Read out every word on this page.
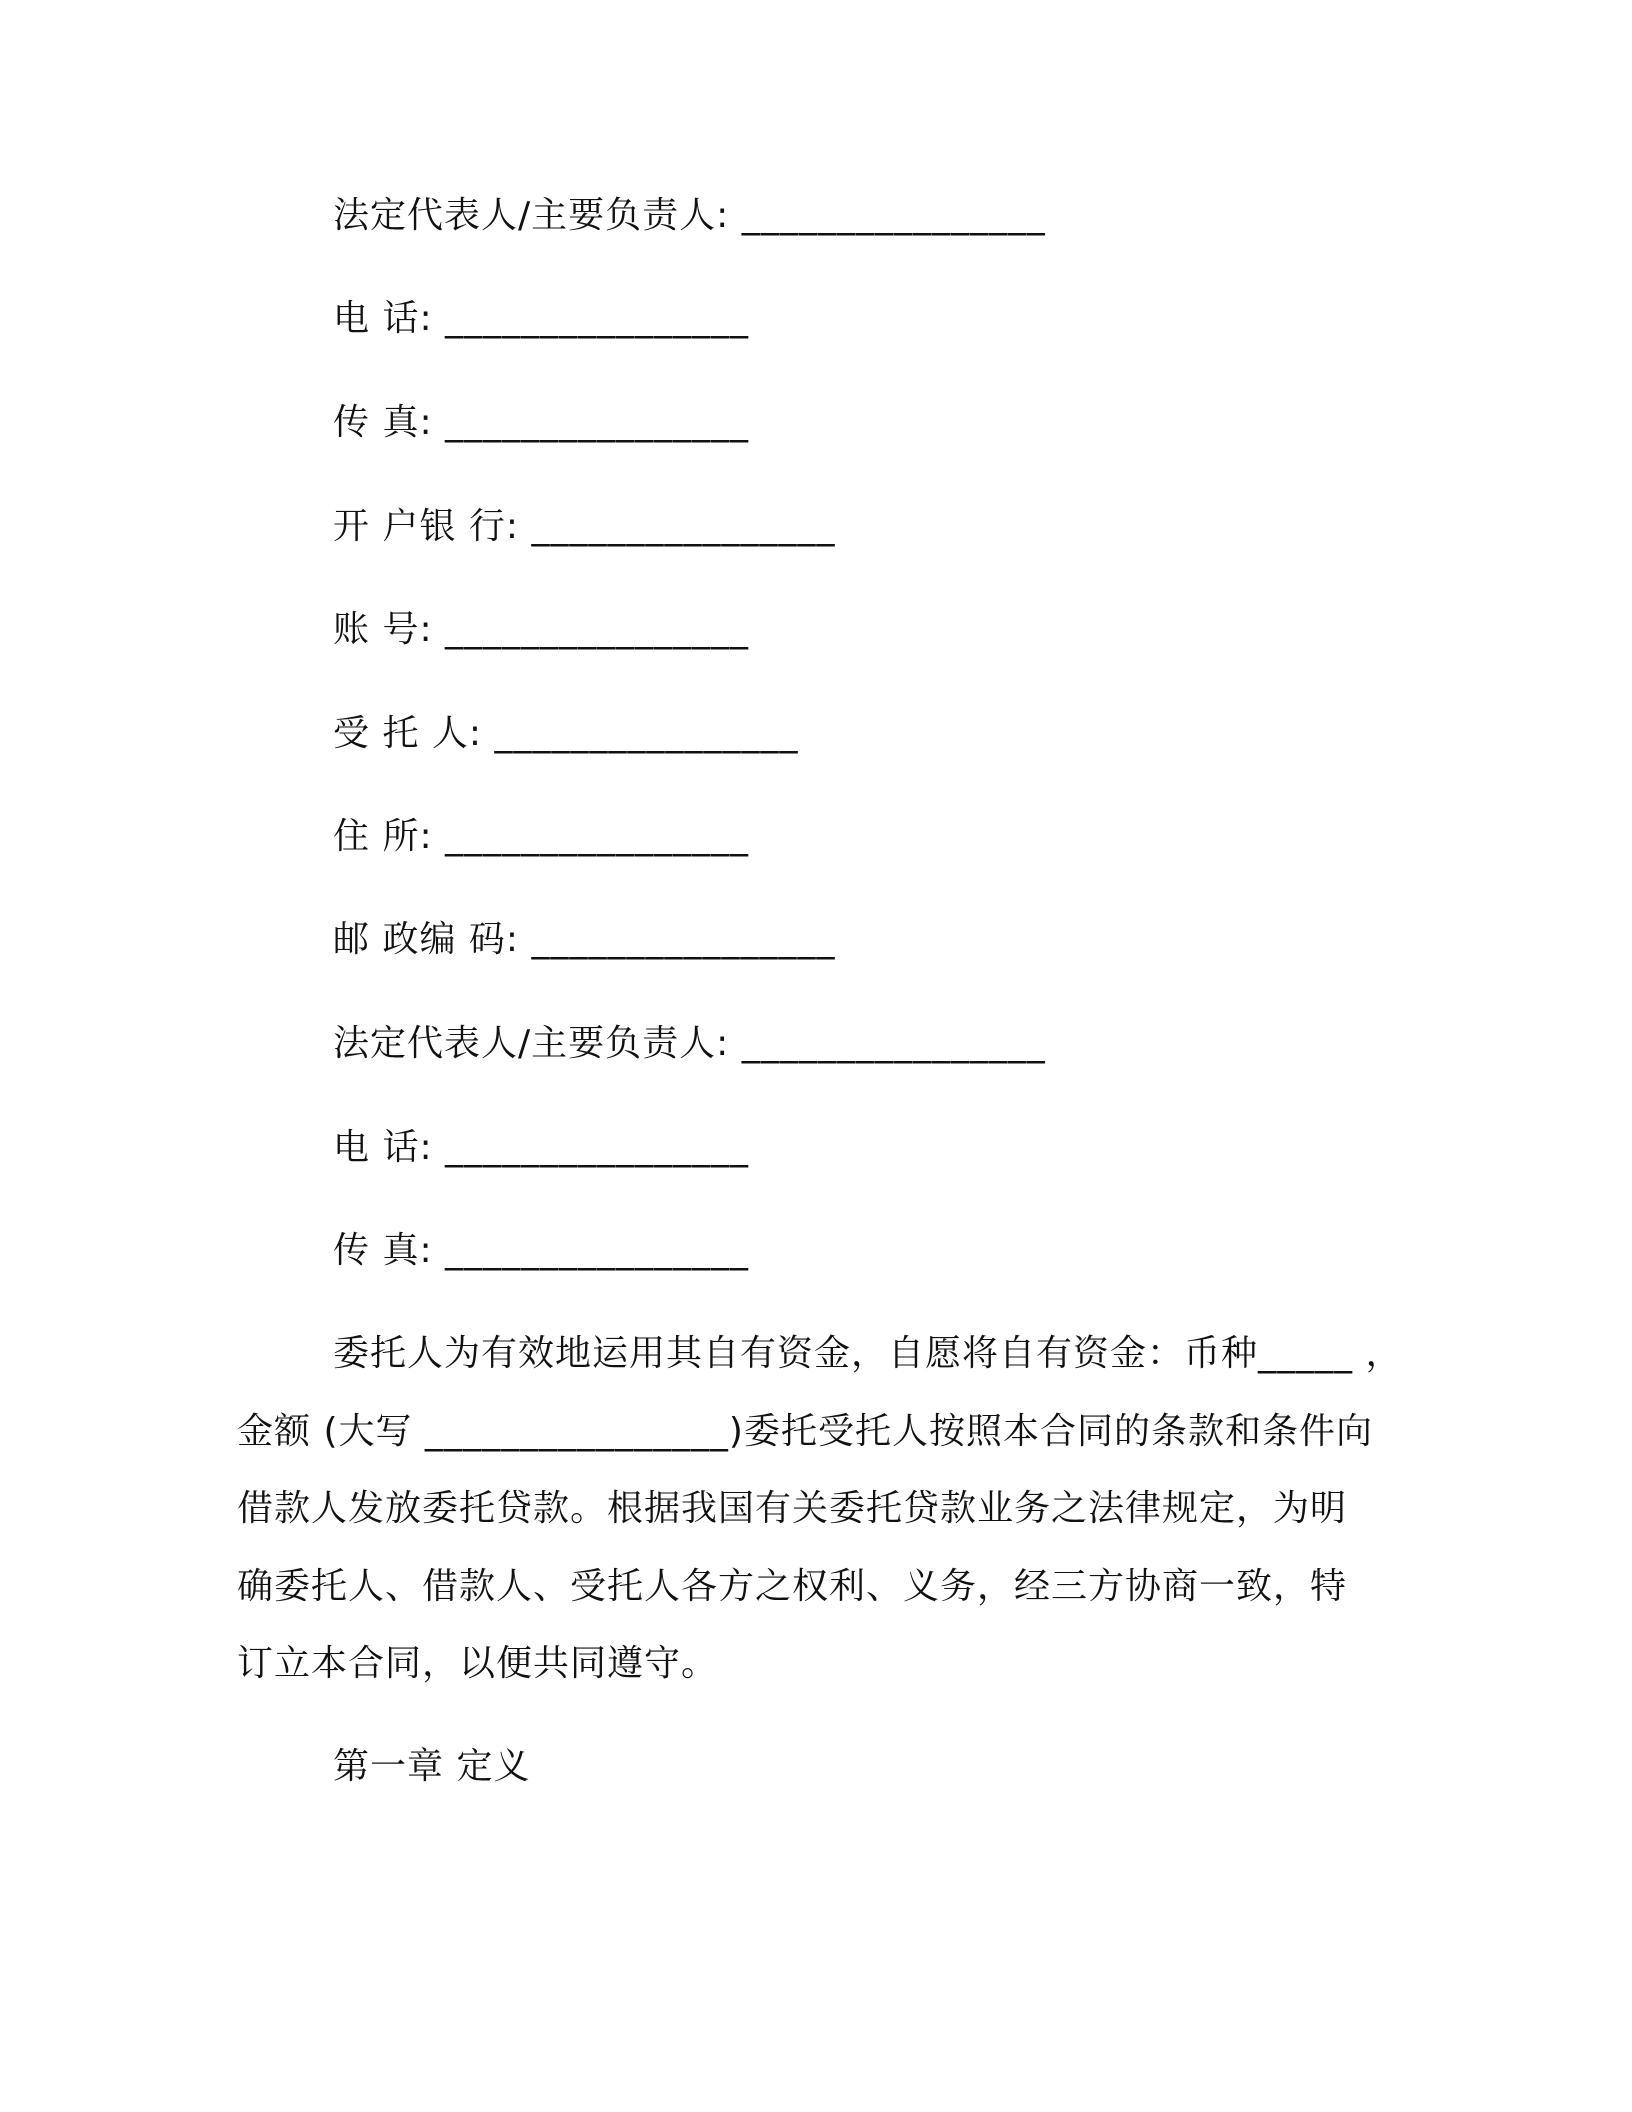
法定代表人/主要负责人: ________________
电 话: ________________
传 真: ________________
开 户银 行: ________________
账 号: ________________
受 托 人: ________________
住 所: ________________
邮 政编 码: ________________
法定代表人/主要负责人: ________________
电 话: ________________
传 真: ________________
委托人为有效地运用其自有资金，自愿将自有资金：币种_____ ，
金额 (大写 ________________)委托受托人按照本合同的条款和条件向
借款人发放委托贷款。根据我国有关委托贷款业务之法律规定，为明
确委托人、借款人、受托人各方之权利、义务，经三方协商一致，特
订立本合同，以便共同遵守。
第一章 定义
